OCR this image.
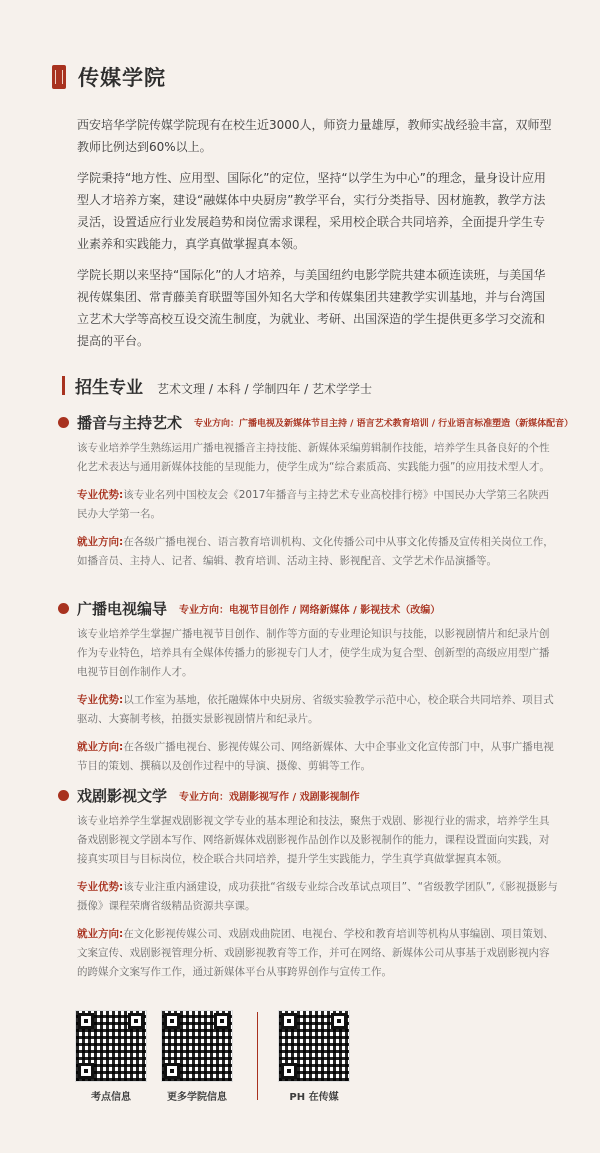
传媒学院

西安培华学院传媒学院现有在校生近3000人，师资力量雄厚，教师实战经验丰富，双师型教师比例达到60%以上。

学院秉持“地方性、应用型、国际化”的定位，坚持“以学生为中心”的理念，量身设计应用型人才培养方案，建设“融媒体中央厨房”教学平台，实行分类指导、因材施教，教学方法灵活，设置适应行业发展趋势和岗位需求课程，采用校企联合共同培养，全面提升学生专业素养和实践能力，真学真做掌握真本领。

学院长期以来坚持“国际化”的人才培养，与美国纽约电影学院共建本硕连读班，与美国华视传媒集团、常青藤美育联盟等国外知名大学和传媒集团共建教学实训基地，并与台湾国立艺术大学等高校互设交流生制度，为就业、考研、出国深造的学生提供更多学习交流和提高的平台。

招生专业 艺术文理 / 本科 / 学制四年 / 艺术学学士
播音与主持艺术 专业方向： 广播电视及新媒体节目主持 / 语言艺术教育培训 / 行业语言标准塑造（新媒体配音）

该专业培养学生熟练运用广播电视播音主持技能、新媒体采编剪辑制作技能，培养学生具备良好的个性化艺术表达与通用新媒体技能的呈现能力，使学生成为“综合素质高、实践能力强”的应用技术型人才。

专业优势:该专业名列中国校友会《2017年播音与主持艺术专业高校排行榜》中国民办大学第三名陕西民办大学第一名。

就业方向:在各级广播电视台、语言教育培训机构、文化传播公司中从事文化传播及宣传相关岗位工作，如播音员、主持人、记者、编辑、教育培训、活动主持、影视配音、文学艺术作品演播等。

广播电视编导 专业方向： 电视节目创作 / 网络新媒体 / 影视技术（改编）

该专业培养学生掌握广播电视节目创作、制作等方面的专业理论知识与技能，以影视剧情片和纪录片创作为专业特色，培养具有全媒体传播力的影视专门人才，使学生成为复合型、创新型的高级应用型广播电视节目创作制作人才。

专业优势:以工作室为基地，依托融媒体中央厨房、省级实验教学示范中心，校企联合共同培养、项目式驱动、大赛制考核，拍摄实景影视剧情片和纪录片。

就业方向:在各级广播电视台、影视传媒公司、网络新媒体、大中企事业文化宣传部门中，从事广播电视节目的策划、撰稿以及创作过程中的导演、摄像、剪辑等工作。

戏剧影视文学 专业方向： 戏剧影视写作 / 戏剧影视制作

该专业培养学生掌握戏剧影视文学专业的基本理论和技法，聚焦于戏剧、影视行业的需求，培养学生具备戏剧影视文学剧本写作、网络新媒体戏剧影视作品创作以及影视制作的能力，课程设置面向实践，对接真实项目与目标岗位，校企联合共同培养，提升学生实践能力，学生真学真做掌握真本领。

专业优势:该专业注重内涵建设，成功获批“省级专业综合改革试点项目”、“省级教学团队”,《影视摄影与摄像》课程荣膺省级精品资源共享课。

就业方向:在文化影视传媒公司、戏剧戏曲院团、电视台、学校和教育培训等机构从事编剧、项目策划、文案宣传、戏剧影视管理分析、戏剧影视教育等工作，并可在网络、新媒体公司从事基于戏剧影视内容的跨媒介文案写作工作，通过新媒体平台从事跨界创作与宣传工作。

考点信息	更多学院信息	PH 在传媒
